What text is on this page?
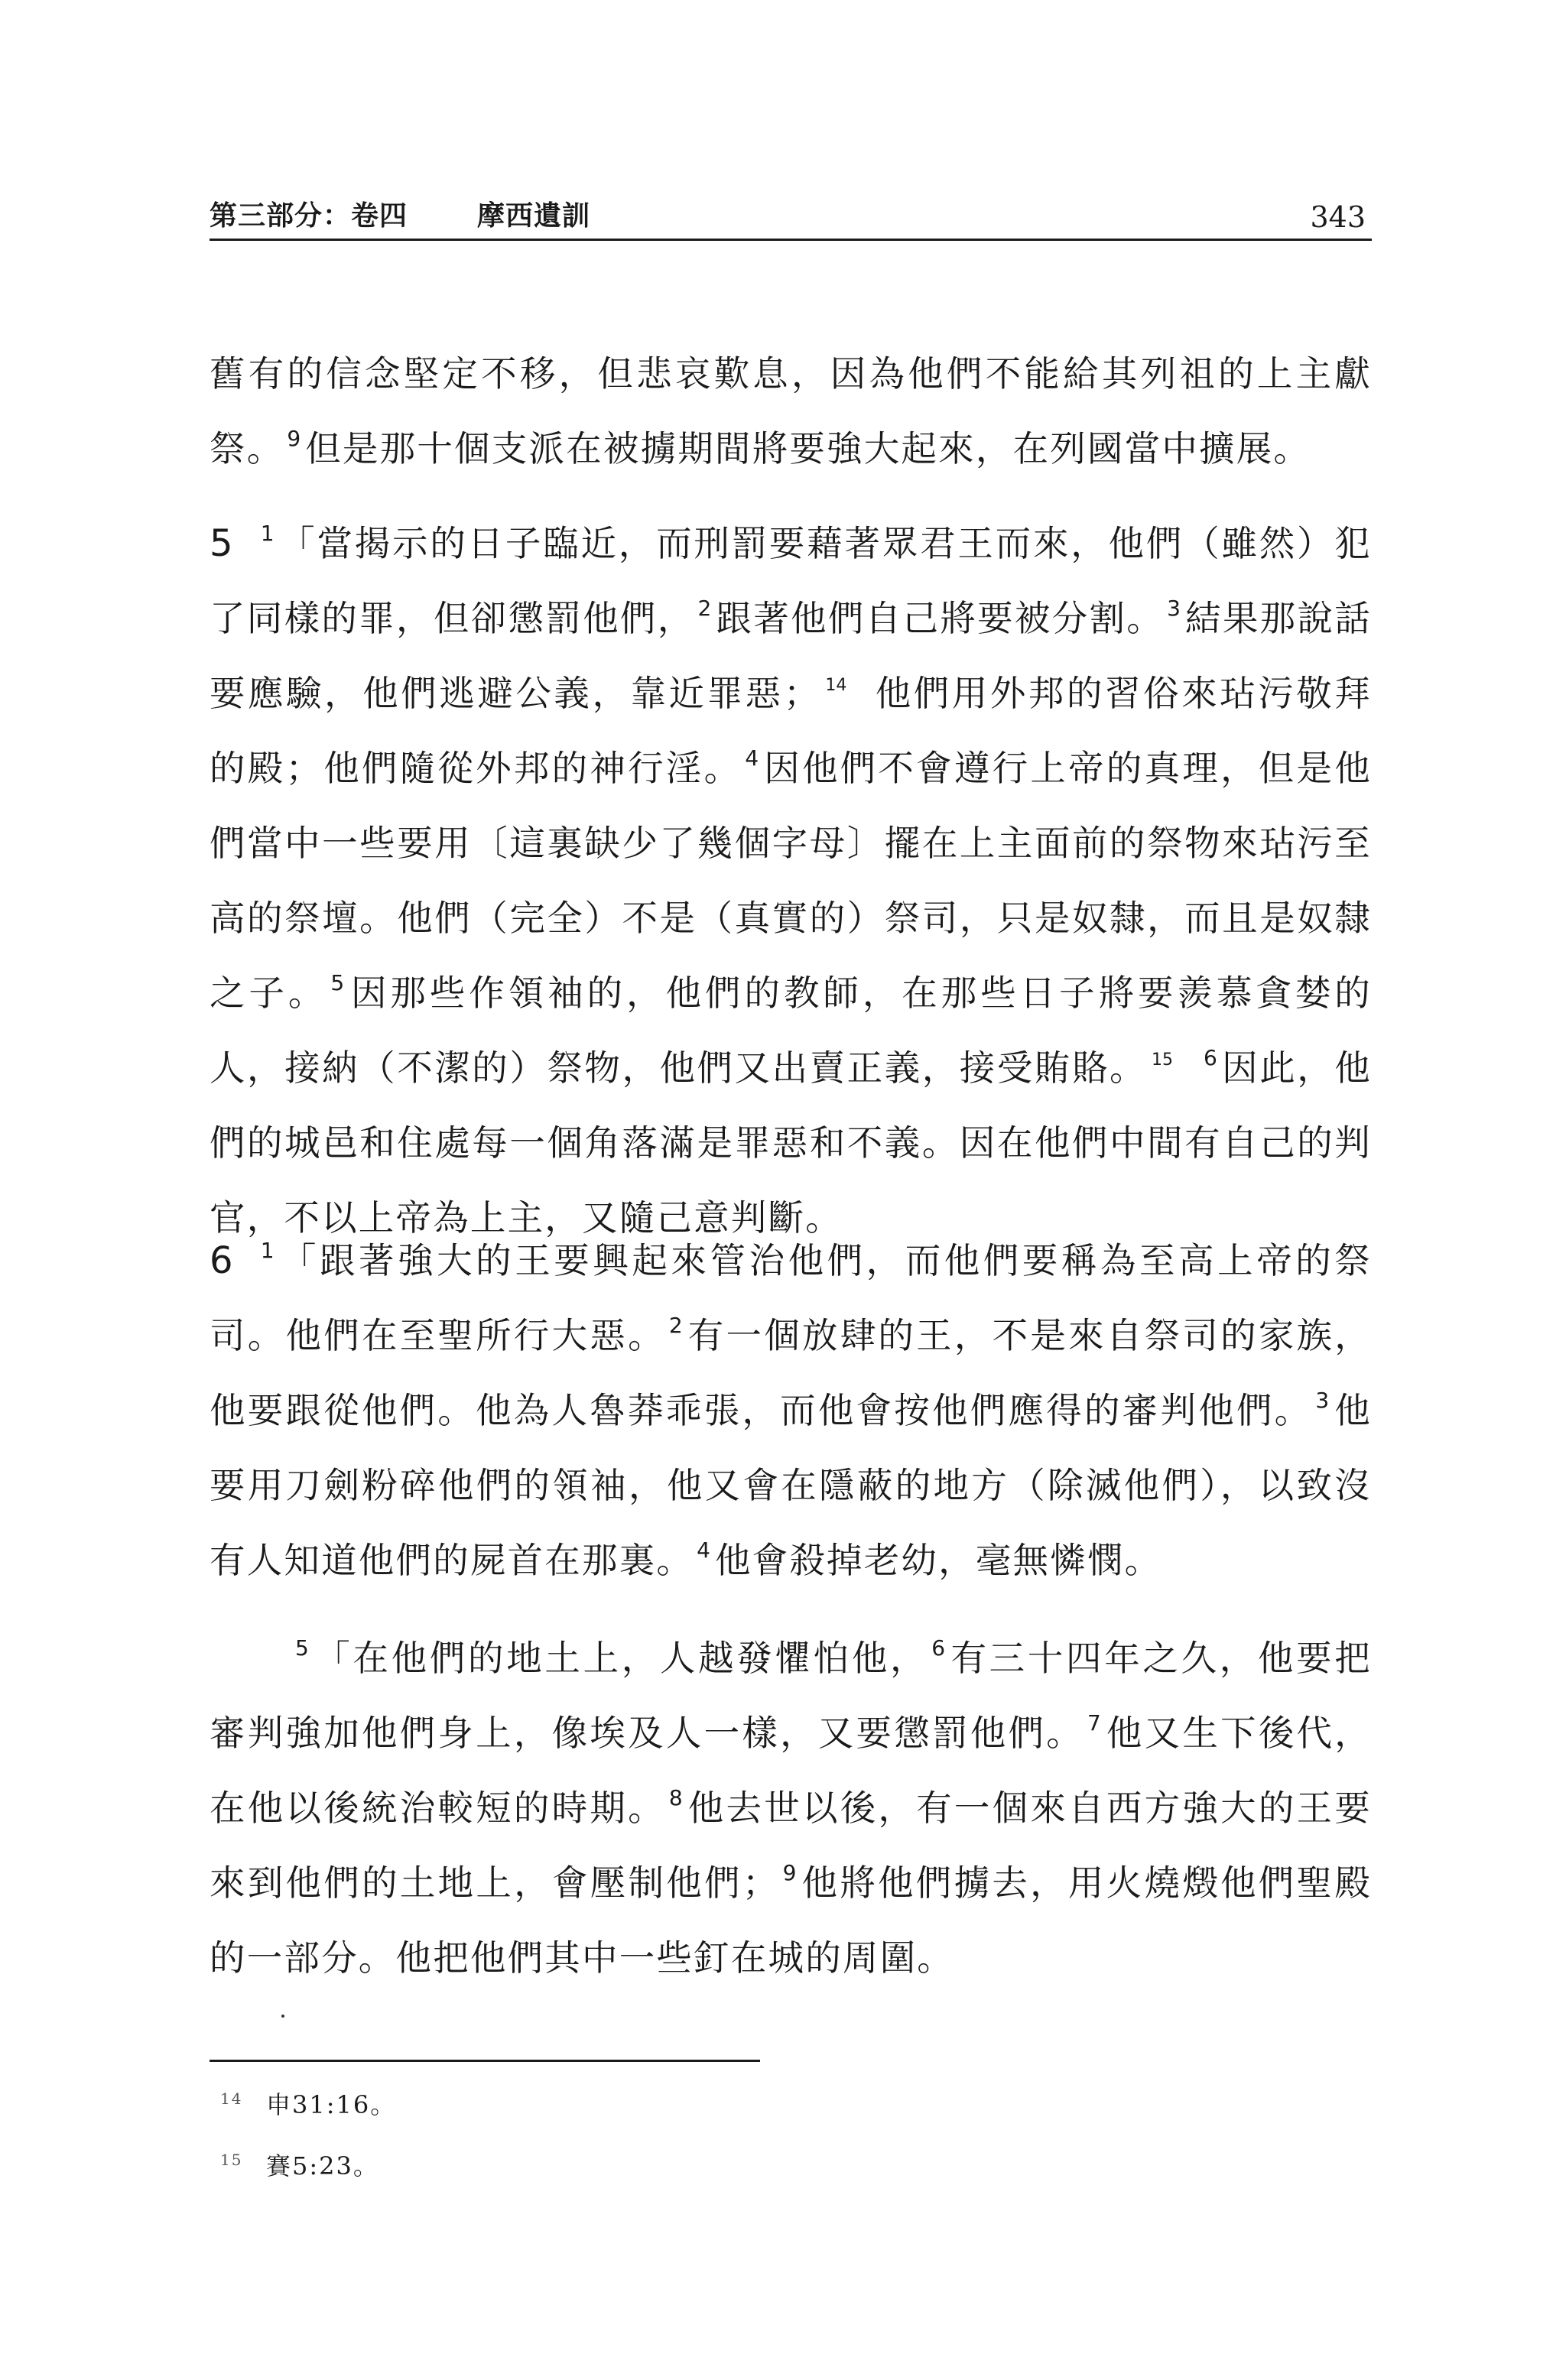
第三部分：卷四	摩西遺訓	343
舊有的信念堅定不移，但悲哀歎息，因為他們不能給其列祖的上主獻祭。 $^9$ 但是那十個支派在被擄期間將要強大起來，在列國當中擴展。
5 $^1$ 「當揭示的日子臨近，而刑罰要藉著眾君王而來，他們（雖然）犯了同樣的罪，但卻懲罰他們， $^2$ 跟著他們自己將要被分割。 $^3$ 結果那說話要應驗，他們逃避公義，靠近罪惡； $^{14}$ 他們用外邦的習俗來玷污敬拜的殿；他們隨從外邦的神行淫。 $^4$ 因他們不會遵行上帝的真理，但是他們當中一些要用〔這裏缺少了幾個字母〕擺在上主面前的祭物來玷污至高的祭壇。他們（完全）不是（真實的）祭司，只是奴隸，而且是奴隸之子。 $^5$ 因那些作領袖的，他們的教師，在那些日子將要羨慕貪婪的人，接納（不潔的）祭物，他們又出賣正義，接受賄賂。 $^{15}$ $^6$ 因此，他們的城邑和住處每一個角落滿是罪惡和不義。因在他們中間有自己的判官，不以上帝為上主，又隨己意判斷。
6 $^1$ 「跟著強大的王要興起來管治他們，而他們要稱為至高上帝的祭司。他們在至聖所行大惡。 $^2$ 有一個放肆的王，不是來自祭司的家族，他要跟從他們。他為人魯莽乖張，而他會按他們應得的審判他們。 $^3$ 他要用刀劍粉碎他們的領袖，他又會在隱蔽的地方（除滅他們），以致沒有人知道他們的屍首在那裏。 $^4$ 他會殺掉老幼，毫無憐憫。
$^5$ 「在他們的地土上，人越發懼怕他， $^6$ 有三十四年之久，他要把審判強加他們身上，像埃及人一樣，又要懲罰他們。 $^7$ 他又生下後代，在他以後統治較短的時期。 $^8$ 他去世以後，有一個來自西方強大的王要來到他們的土地上，會壓制他們； $^9$ 他將他們擄去，用火燒燬他們聖殿的一部分。他把他們其中一些釘在城的周圍。
14 申31:16。
15 賽5:23。
